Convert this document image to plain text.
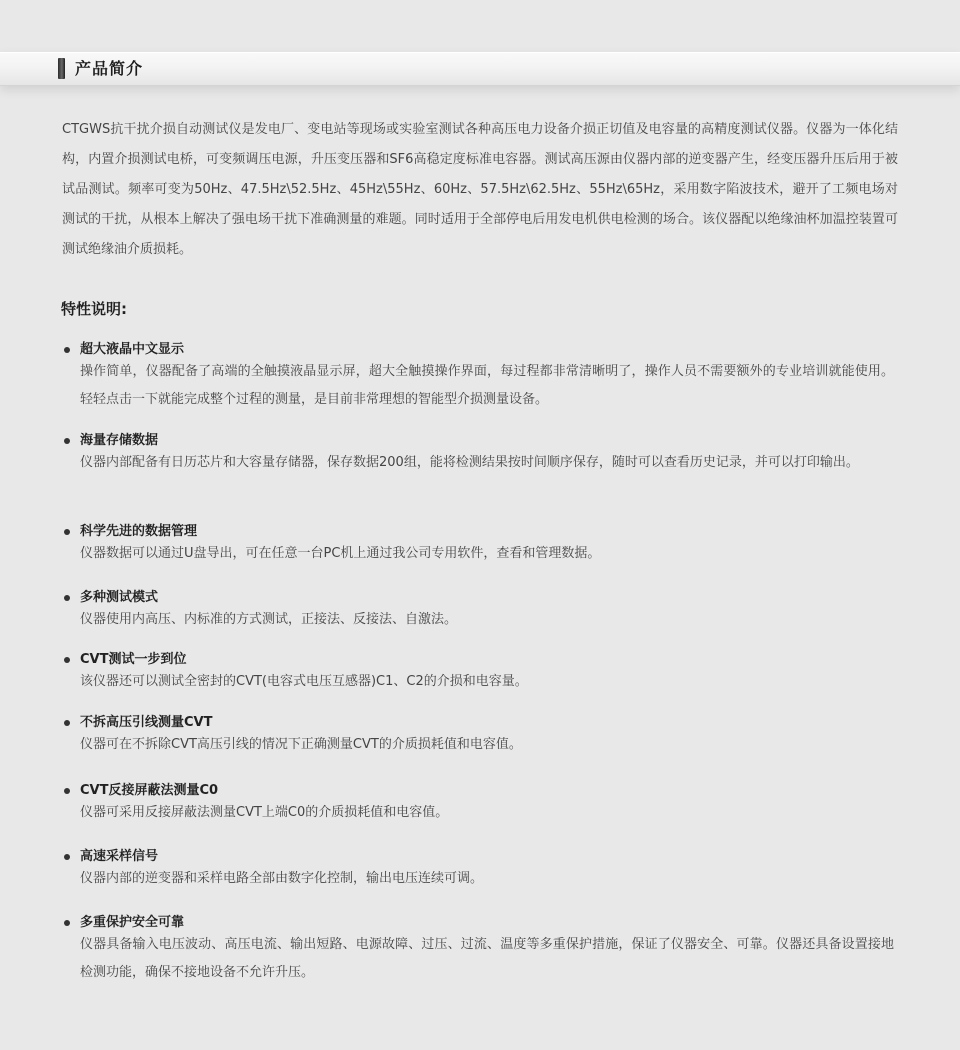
产品简介

CTGWS抗干扰介损自动测试仪是发电厂、变电站等现场或实验室测试各种高压电力设备介损正切值及电容量的高精度测试仪器。仪器为一体化结构，内置介损测试电桥，可变频调压电源，升压变压器和SF6高稳定度标准电容器。测试高压源由仪器内部的逆变器产生，经变压器升压后用于被试品测试。频率可变为50Hz、47.5Hz\52.5Hz、45Hz\55Hz、60Hz、57.5Hz\62.5Hz、55Hz\65Hz，采用数字陷波技术，避开了工频电场对测试的干扰，从根本上解决了强电场干扰下准确测量的难题。同时适用于全部停电后用发电机供电检测的场合。该仪器配以绝缘油杯加温控装置可测试绝缘油介质损耗。

特性说明:
超大液晶中文显示

操作简单，仪器配备了高端的全触摸液晶显示屏，超大全触摸操作界面，每过程都非常清晰明了，操作人员不需要额外的专业培训就能使用。轻轻点击一下就能完成整个过程的测量，是目前非常理想的智能型介损测量设备。

海量存储数据

仪器内部配备有日历芯片和大容量存储器，保存数据200组，能将检测结果按时间顺序保存，随时可以查看历史记录，并可以打印输出。

科学先进的数据管理

仪器数据可以通过U盘导出，可在任意一台PC机上通过我公司专用软件，查看和管理数据。

多种测试模式

仪器使用内高压、内标准的方式测试，正接法、反接法、自激法。

CVT测试一步到位

该仪器还可以测试全密封的CVT(电容式电压互感器)C1、C2的介损和电容量。

不拆高压引线测量CVT

仪器可在不拆除CVT高压引线的情况下正确测量CVT的介质损耗值和电容值。

CVT反接屏蔽法测量C0

仪器可采用反接屏蔽法测量CVT上端C0的介质损耗值和电容值。

高速采样信号

仪器内部的逆变器和采样电路全部由数字化控制，输出电压连续可调。

多重保护安全可靠

仪器具备输入电压波动、高压电流、输出短路、电源故障、过压、过流、温度等多重保护措施，保证了仪器安全、可靠。仪器还具备设置接地检测功能，确保不接地设备不允许升压。
